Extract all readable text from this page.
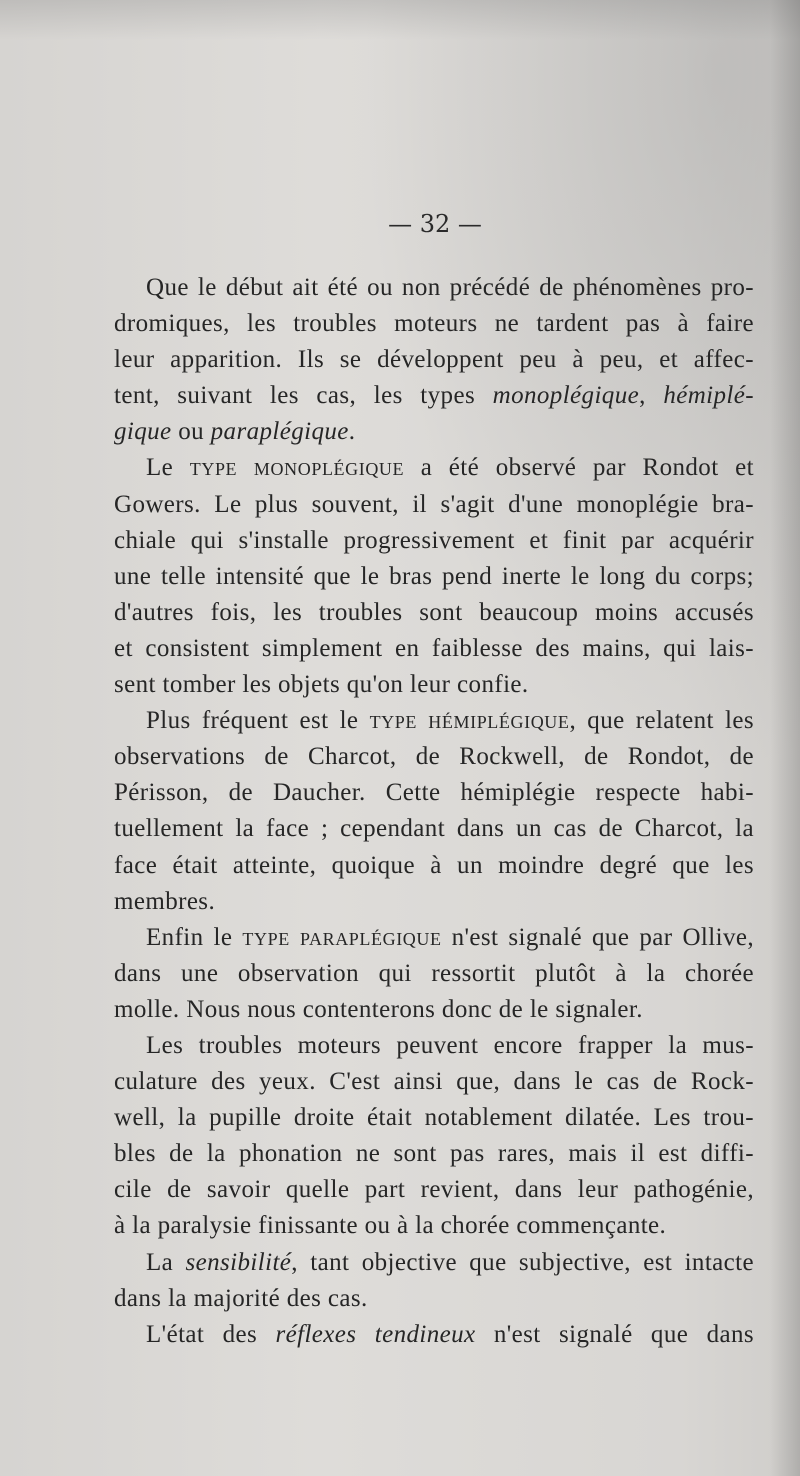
— 32 —
Que le début ait été ou non précédé de phénomènes pro-
dromiques, les troubles moteurs ne tardent pas à faire
leur apparition. Ils se développent peu à peu, et affec-
tent, suivant les cas, les types monoplégique, hémiplé-
gique ou paraplégique.
Le type monoplégique a été observé par Rondot et
Gowers. Le plus souvent, il s'agit d'une monoplégie bra-
chiale qui s'installe progressivement et finit par acquérir
une telle intensité que le bras pend inerte le long du corps;
d'autres fois, les troubles sont beaucoup moins accusés
et consistent simplement en faiblesse des mains, qui lais-
sent tomber les objets qu'on leur confie.
Plus fréquent est le type hémiplégique, que relatent les
observations de Charcot, de Rockwell, de Rondot, de
Périsson, de Daucher. Cette hémiplégie respecte habi-
tuellement la face ; cependant dans un cas de Charcot, la
face était atteinte, quoique à un moindre degré que les
membres.
Enfin le type paraplégique n'est signalé que par Ollive,
dans une observation qui ressortit plutôt à la chorée
molle. Nous nous contenterons donc de le signaler.
Les troubles moteurs peuvent encore frapper la mus-
culature des yeux. C'est ainsi que, dans le cas de Rock-
well, la pupille droite était notablement dilatée. Les trou-
bles de la phonation ne sont pas rares, mais il est diffi-
cile de savoir quelle part revient, dans leur pathogénie,
à la paralysie finissante ou à la chorée commençante.
La sensibilité, tant objective que subjective, est intacte
dans la majorité des cas.
L'état des réflexes tendineux n'est signalé que dans
